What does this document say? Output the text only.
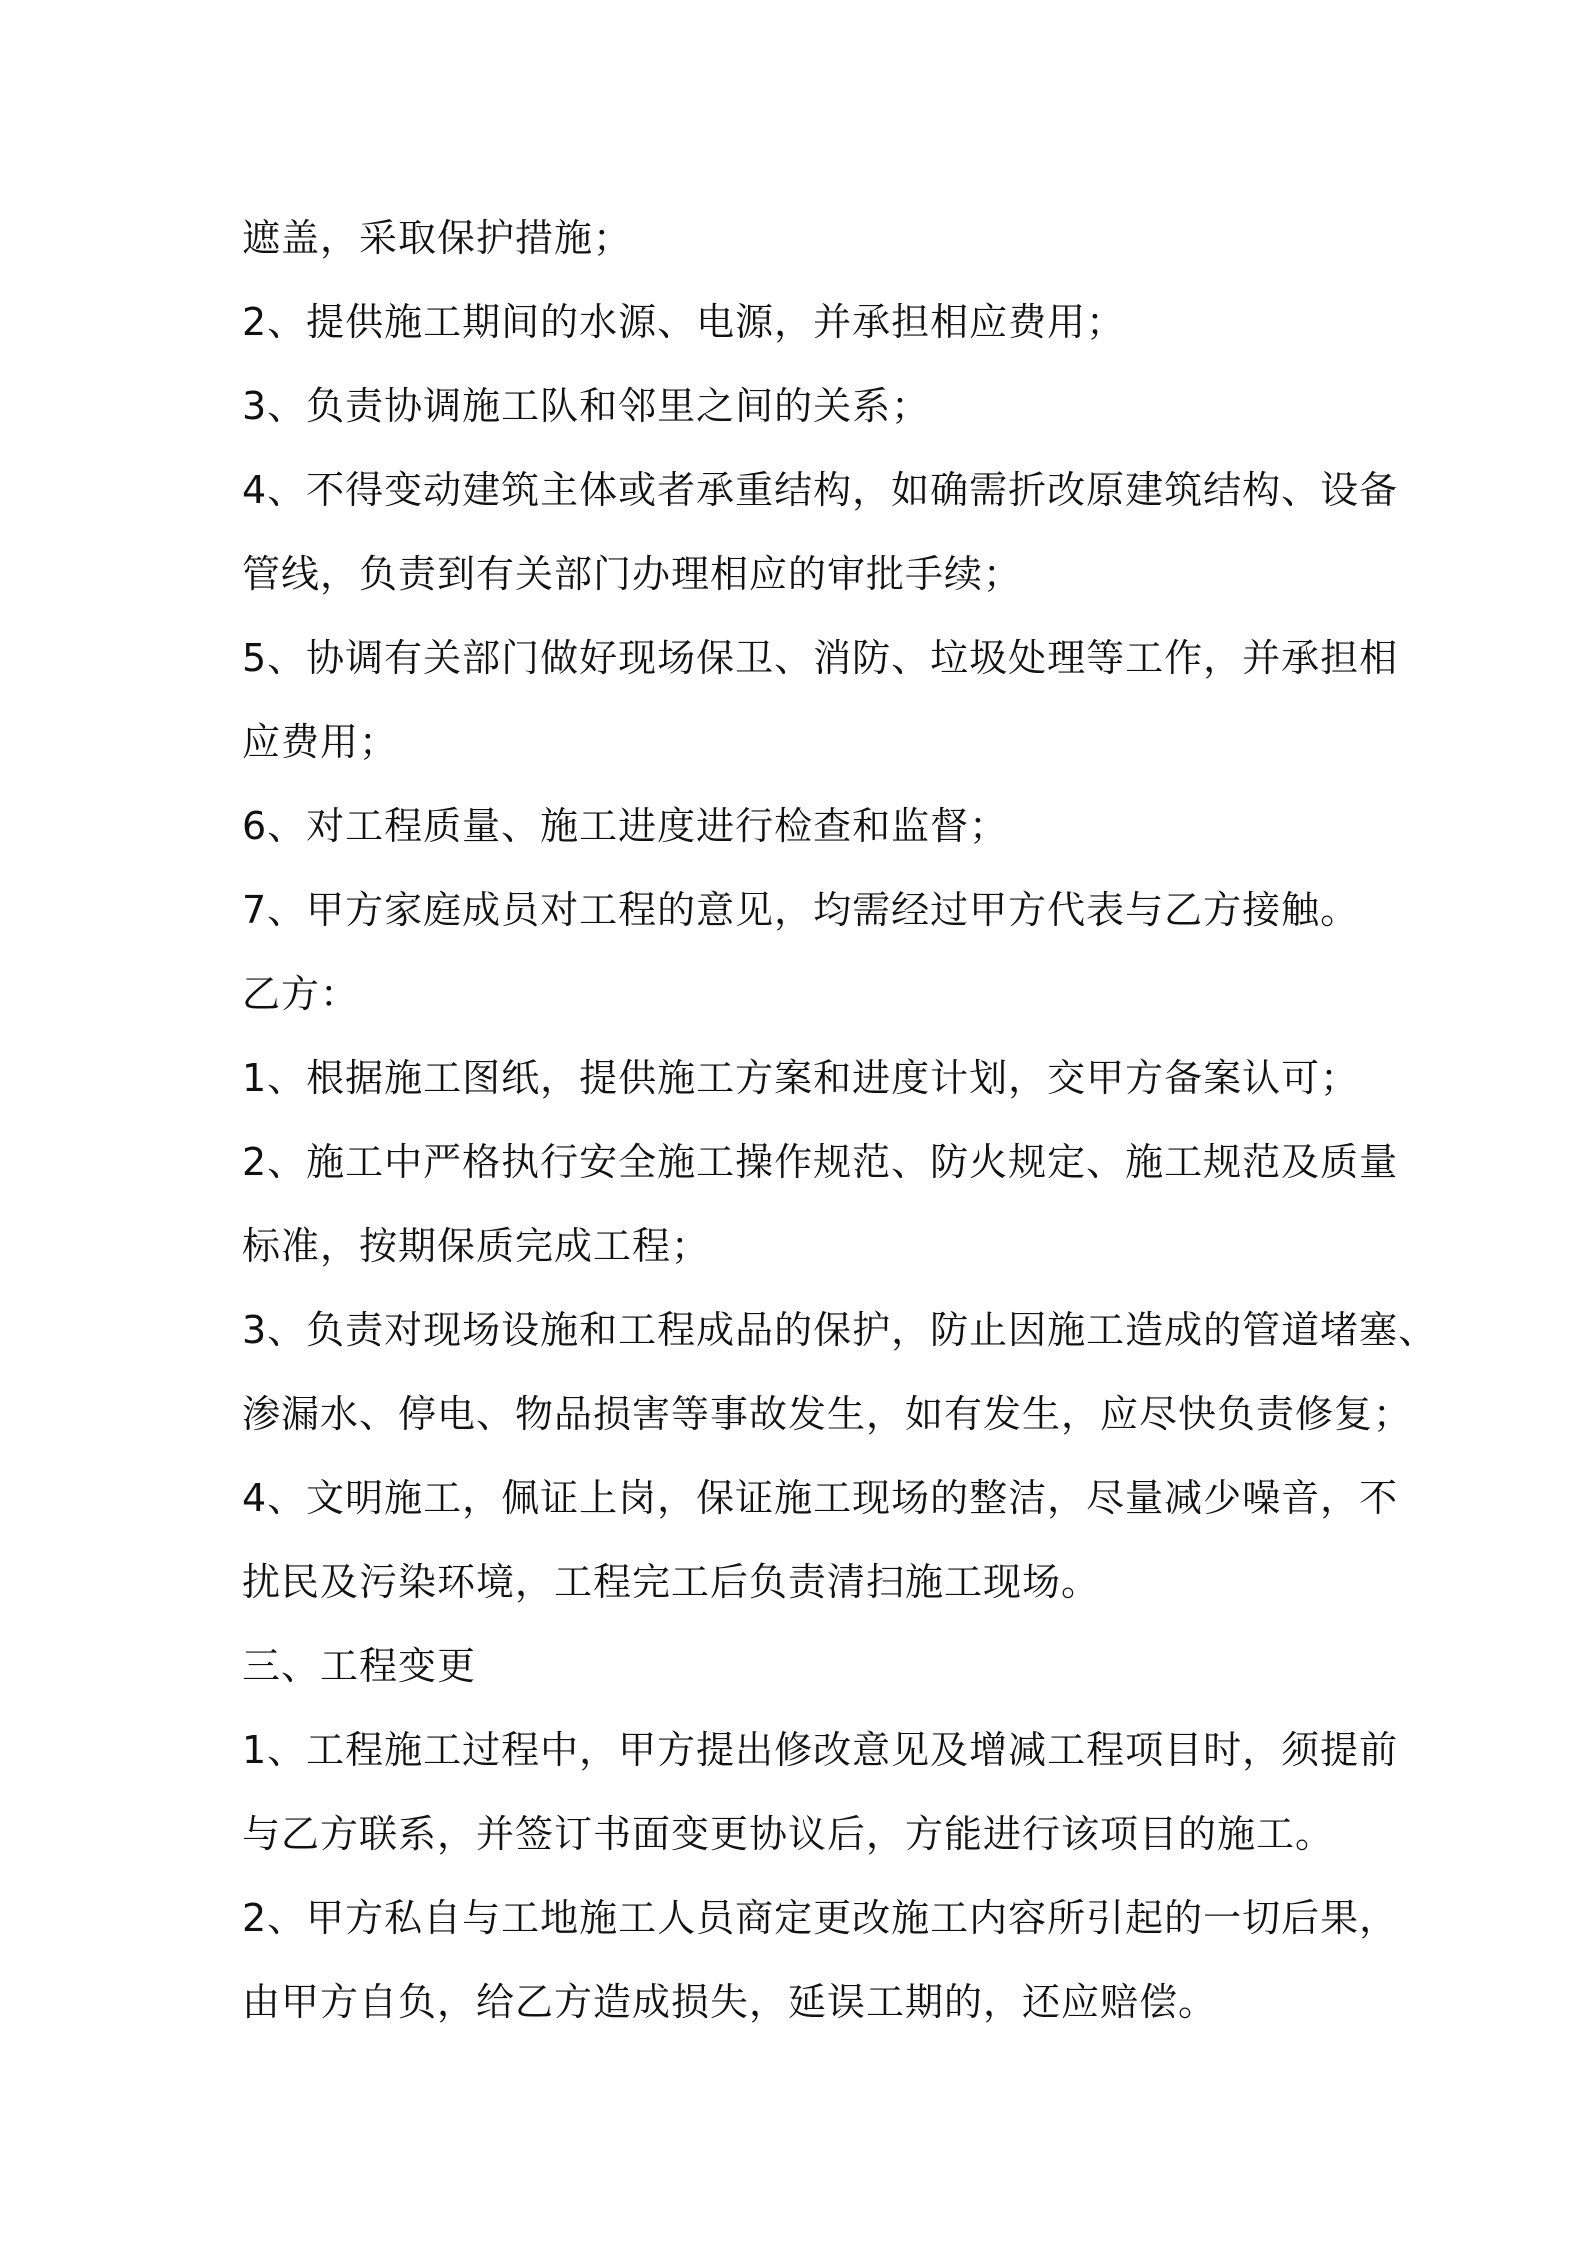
遮盖，采取保护措施；
2、提供施工期间的水源、电源，并承担相应费用；
3、负责协调施工队和邻里之间的关系；
4、不得变动建筑主体或者承重结构，如确需折改原建筑结构、设备
管线，负责到有关部门办理相应的审批手续；
5、协调有关部门做好现场保卫、消防、垃圾处理等工作，并承担相
应费用；
6、对工程质量、施工进度进行检查和监督；
7、甲方家庭成员对工程的意见，均需经过甲方代表与乙方接触。
乙方：
1、根据施工图纸，提供施工方案和进度计划，交甲方备案认可；
2、施工中严格执行安全施工操作规范、防火规定、施工规范及质量
标准，按期保质完成工程；
3、负责对现场设施和工程成品的保护，防止因施工造成的管道堵塞、
渗漏水、停电、物品损害等事故发生，如有发生，应尽快负责修复；
4、文明施工，佩证上岗，保证施工现场的整洁，尽量减少噪音，不
扰民及污染环境，工程完工后负责清扫施工现场。
三、工程变更
1、工程施工过程中，甲方提出修改意见及增减工程项目时，须提前
与乙方联系，并签订书面变更协议后，方能进行该项目的施工。
2、甲方私自与工地施工人员商定更改施工内容所引起的一切后果，
由甲方自负，给乙方造成损失，延误工期的，还应赔偿。
